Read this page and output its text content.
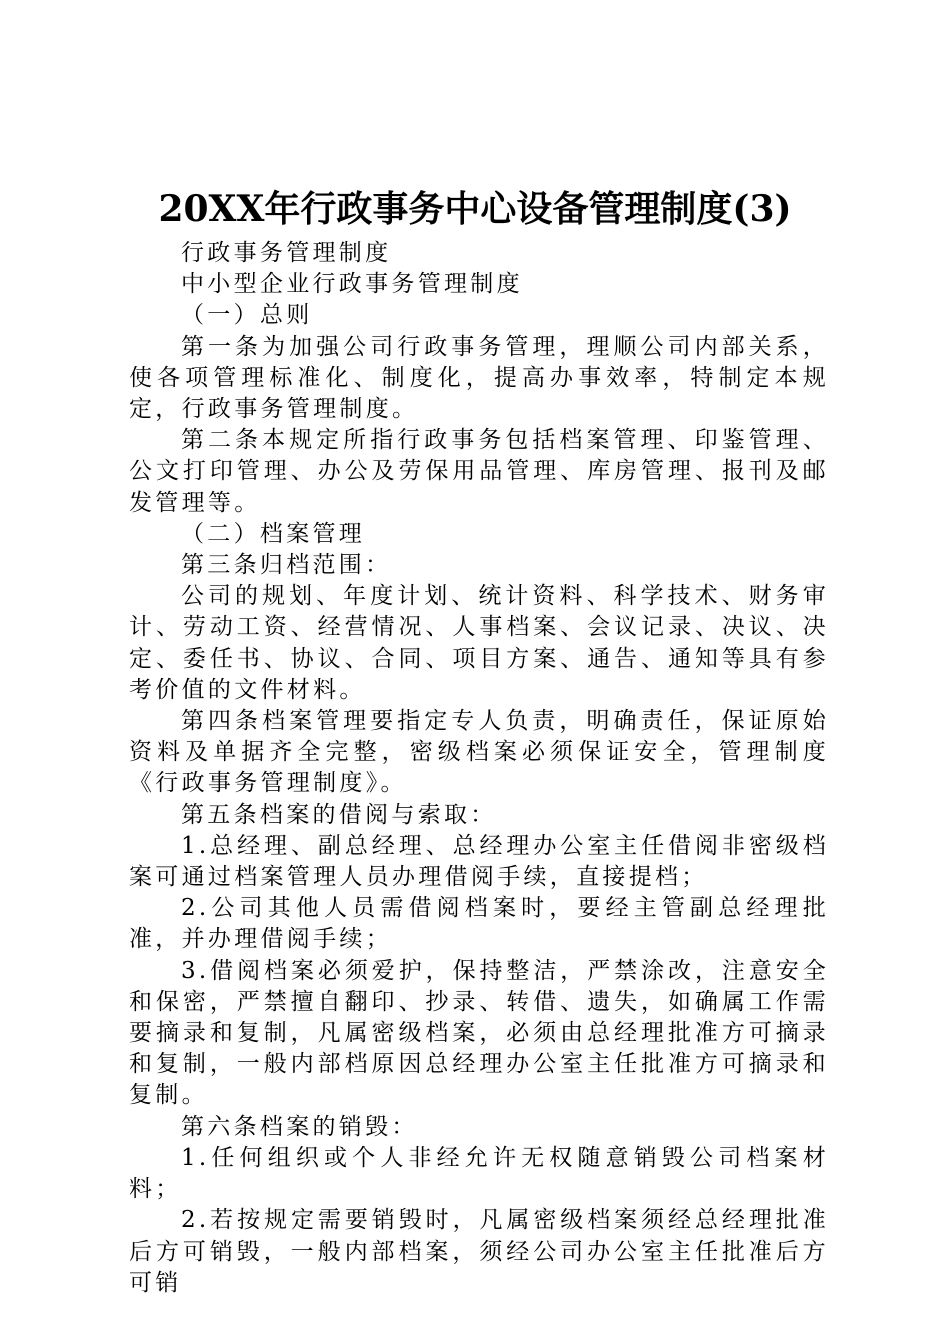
20XX年行政事务中心设备管理制度(3)

行政事务管理制度

中小型企业行政事务管理制度

（一）总则

第一条为加强公司行政事务管理，理顺公司内部关系，使各项管理标准化、制度化，提高办事效率，特制定本规定，行政事务管理制度。

第二条本规定所指行政事务包括档案管理、印鉴管理、公文打印管理、办公及劳保用品管理、库房管理、报刊及邮发管理等。

（二）档案管理

第三条归档范围：

公司的规划、年度计划、统计资料、科学技术、财务审计、劳动工资、经营情况、人事档案、会议记录、决议、决定、委任书、协议、合同、项目方案、通告、通知等具有参考价值的文件材料。

第四条档案管理要指定专人负责，明确责任，保证原始资料及单据齐全完整，密级档案必须保证安全，管理制度《行政事务管理制度》。

第五条档案的借阅与索取：

1.总经理、副总经理、总经理办公室主任借阅非密级档案可通过档案管理人员办理借阅手续，直接提档；

2.公司其他人员需借阅档案时，要经主管副总经理批准，并办理借阅手续；

3.借阅档案必须爱护，保持整洁，严禁涂改，注意安全和保密，严禁擅自翻印、抄录、转借、遗失，如确属工作需要摘录和复制，凡属密级档案，必须由总经理批准方可摘录和复制，一般内部档原因总经理办公室主任批准方可摘录和复制。

第六条档案的销毁：

1.任何组织或个人非经允许无权随意销毁公司档案材料；

2.若按规定需要销毁时，凡属密级档案须经总经理批准后方可销毁，一般内部档案，须经公司办公室主任批准后方可销
